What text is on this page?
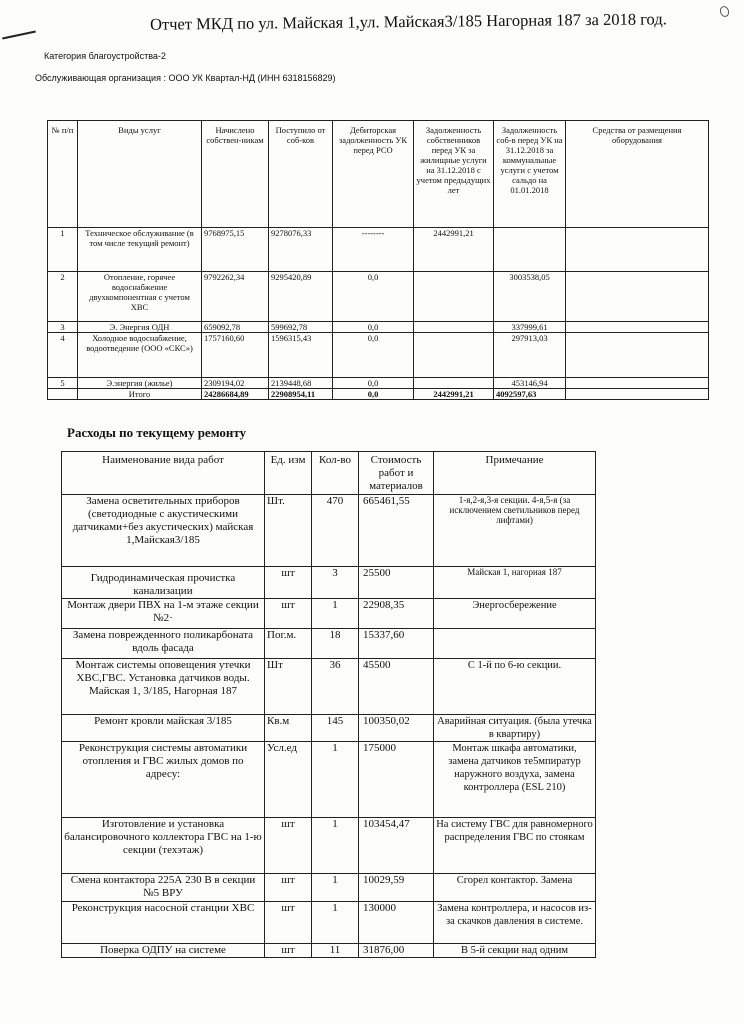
Отчет МКД по ул. Майская 1,ул. Майская3/185 Нагорная 187 за 2018 год.
Категория благоустройства-2
Обслуживающая организация : ООО УК Квартал-НД (ИНН 6318156829)
№ п/п	Виды услуг	Начислено собствен-никам	Поступило от соб-ков	Дебиторская задолженность УК перед РСО	Задолженность собственников перед УК за жилищные услуги на 31.12.2018 с учетом предыдущих лет	Задолженность соб-в перед УК на 31.12.2018 за коммунальные услуги с учетом сальдо на 01.01.2018	Средства от размещения оборудования
1	Техническое обслуживание (в том числе текущий ремонт)	9768975,15	9278076,33	--------	2442991,21		
2	Отопление, горячее водоснабжение двухкомпонентная с учетом ХВС	9792262,34	9295420,89	0,0		3003538,05	
3	Э. Энергия ОДН	659092,78	599692,78	0,0		337999,61	
4	Холодное водоснабжение, водоотведение (ООО «СКС»)	1757160,60	1596315,43	0,0		297913,03	
5	Э.энергия (жилье)	2309194,02	2139448,68	0,0		453146,94	
	Итого	24286684,89	22908954,11	0,0	2442991,21	4092597,63	
Расходы по текущему ремонту
Наименование вида работ	Ед. изм	Кол-во	Стоимость работ и материалов	Примечание
Замена осветительных приборов (светодиодные с акустическими датчиками+без акустических) майская 1,Майская3/185	Шт.	470	665461,55	1-я,2-я,3-я секции. 4-я,5-я (за исключением светильников перед лифтами)
Гидродинамическая прочистка канализации	шт	3	25500	Майская 1, нагорная 187
Монтаж двери ПВХ на 1-м этаже секции №2·	шт	1	22908,35	Энергосбережение
Замена поврежденного поликарбоната вдоль фасада	Пог.м.	18	15337,60	
Монтаж системы оповещения утечки ХВС,ГВС. Установка датчиков воды. Майская 1, 3/185, Нагорная 187	Шт	36	45500	С 1-й по 6-ю секции.
Ремонт кровли майская 3/185	Кв.м	145	100350,02	Аварийная ситуация. (была утечка в квартиру)
Реконструкция системы автоматики отопления и ГВС жилых домов по адресу:	Усл.ед	1	175000	Монтаж шкафа автоматики, замена датчиков те5мпиратур наружного воздуха, замена контроллера (ESL 210)
Изготовление и установка балансировочного коллектора ГВС на 1-ю секции (техэтаж)	шт	1	103454,47	На систему ГВС для равномерного распределения ГВС по стоякам
Смена контактора 225А 230 В в секции №5 ВРУ	шт	1	10029,59	Сгорел контактор. Замена
Реконструкция насосной станции ХВС	шт	1	130000	Замена контроллера, и насосов из-за скачков давления в системе.
Поверка ОДПУ на системе	шт	11	31876,00	В 5-й секции над одним
